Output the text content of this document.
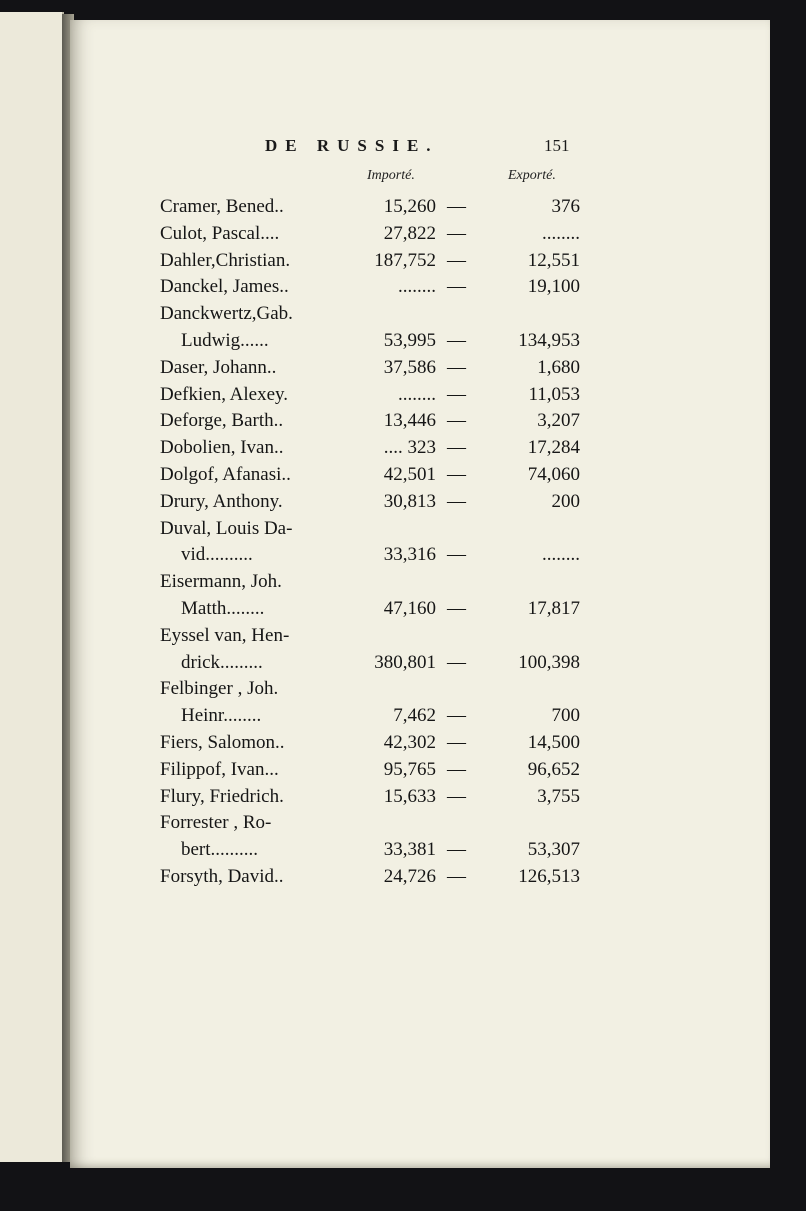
DE RUSSIE.	151
Importé.	Exporté.
Cramer, Bened..	15,260 —	376
Culot, Pascal....	27,822 —	........
Dahler,Christian.	187,752 —	12,551
Danckel, James..	........ —	19,100
Danckwertz,Gab.
Ludwig......	53,995 —	134,953
Daser, Johann..	37,586 —	1,680
Defkien, Alexey.	........ —	11,053
Deforge, Barth..	13,446 —	3,207
Dobolien, Ivan..	.... 323 —	17,284
Dolgof, Afanasi..	42,501 —	74,060
Drury, Anthony.	30,813 —	200
Duval, Louis Da-
vid..........	33,316 —	........
Eisermann, Joh.
Matth........	47,160 —	17,817
Eyssel van, Hen-
drick.........	380,801 —	100,398
Felbinger , Joh.
Heinr........	7,462 —	700
Fiers, Salomon..	42,302 —	14,500
Filippof, Ivan...	95,765 —	96,652
Flury, Friedrich.	15,633 —	3,755
Forrester , Ro-
bert..........	33,381 —	53,307
Forsyth, David..	24,726 —	126,513
